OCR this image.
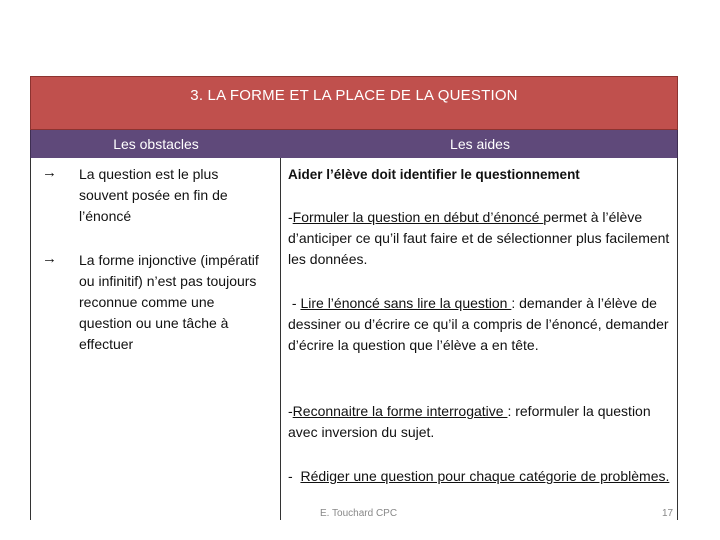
3. LA FORME ET LA PLACE DE LA QUESTION
Les obstacles	Les aides
→ La question est le plus souvent posée en fin de l’énoncé
→ La forme injonctive (impératif ou infinitif) n’est pas toujours reconnue comme une question ou une tâche à effectuer
Aider l’élève doit identifier le questionnement
-Formuler la question en début d’énoncé permet à l’élève d’anticiper ce qu’il faut faire et de sélectionner plus facilement les données.
- Lire l’énoncé sans lire la question : demander à l’élève de dessiner ou d’écrire ce qu’il a compris de l’énoncé, demander d’écrire la question que l’élève a en tête.
-Reconnaitre la forme interrogative : reformuler la question avec inversion du sujet.
-  Rédiger une question pour chaque catégorie de problèmes.
E. Touchard CPC	17
